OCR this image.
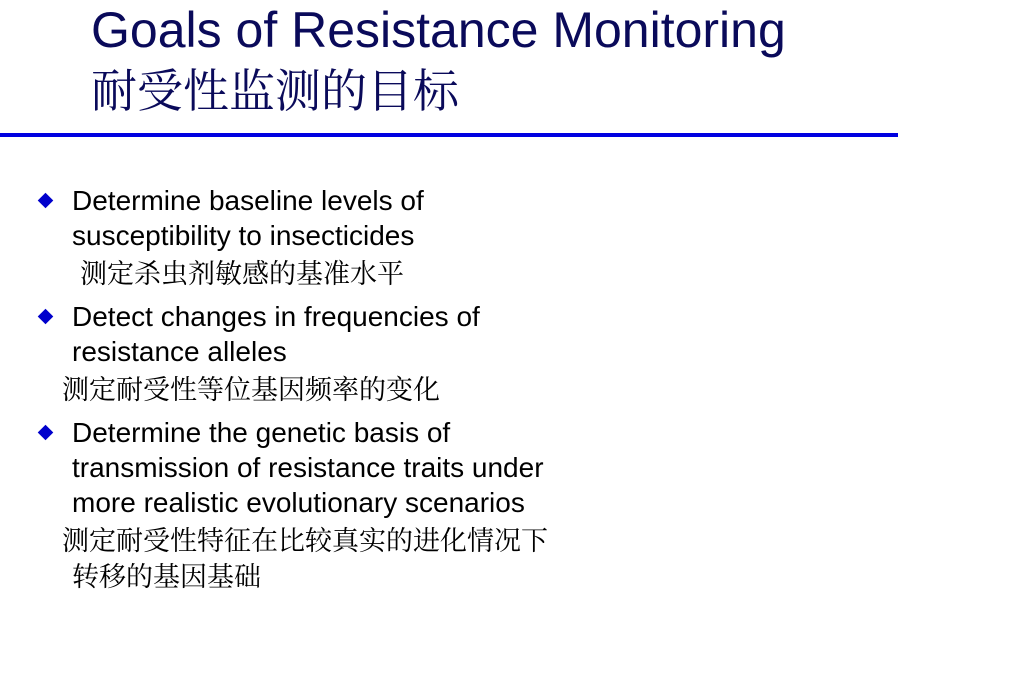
Goals of Resistance Monitoring
耐受性监测的目标
Determine baseline levels of
susceptibility to insecticides
测定杀虫剂敏感的基准水平
Detect changes in frequencies of
resistance alleles
测定耐受性等位基因频率的变化
Determine the genetic basis of
transmission of resistance traits under
more realistic evolutionary scenarios
测定耐受性特征在比较真实的进化情况下
转移的基因基础
